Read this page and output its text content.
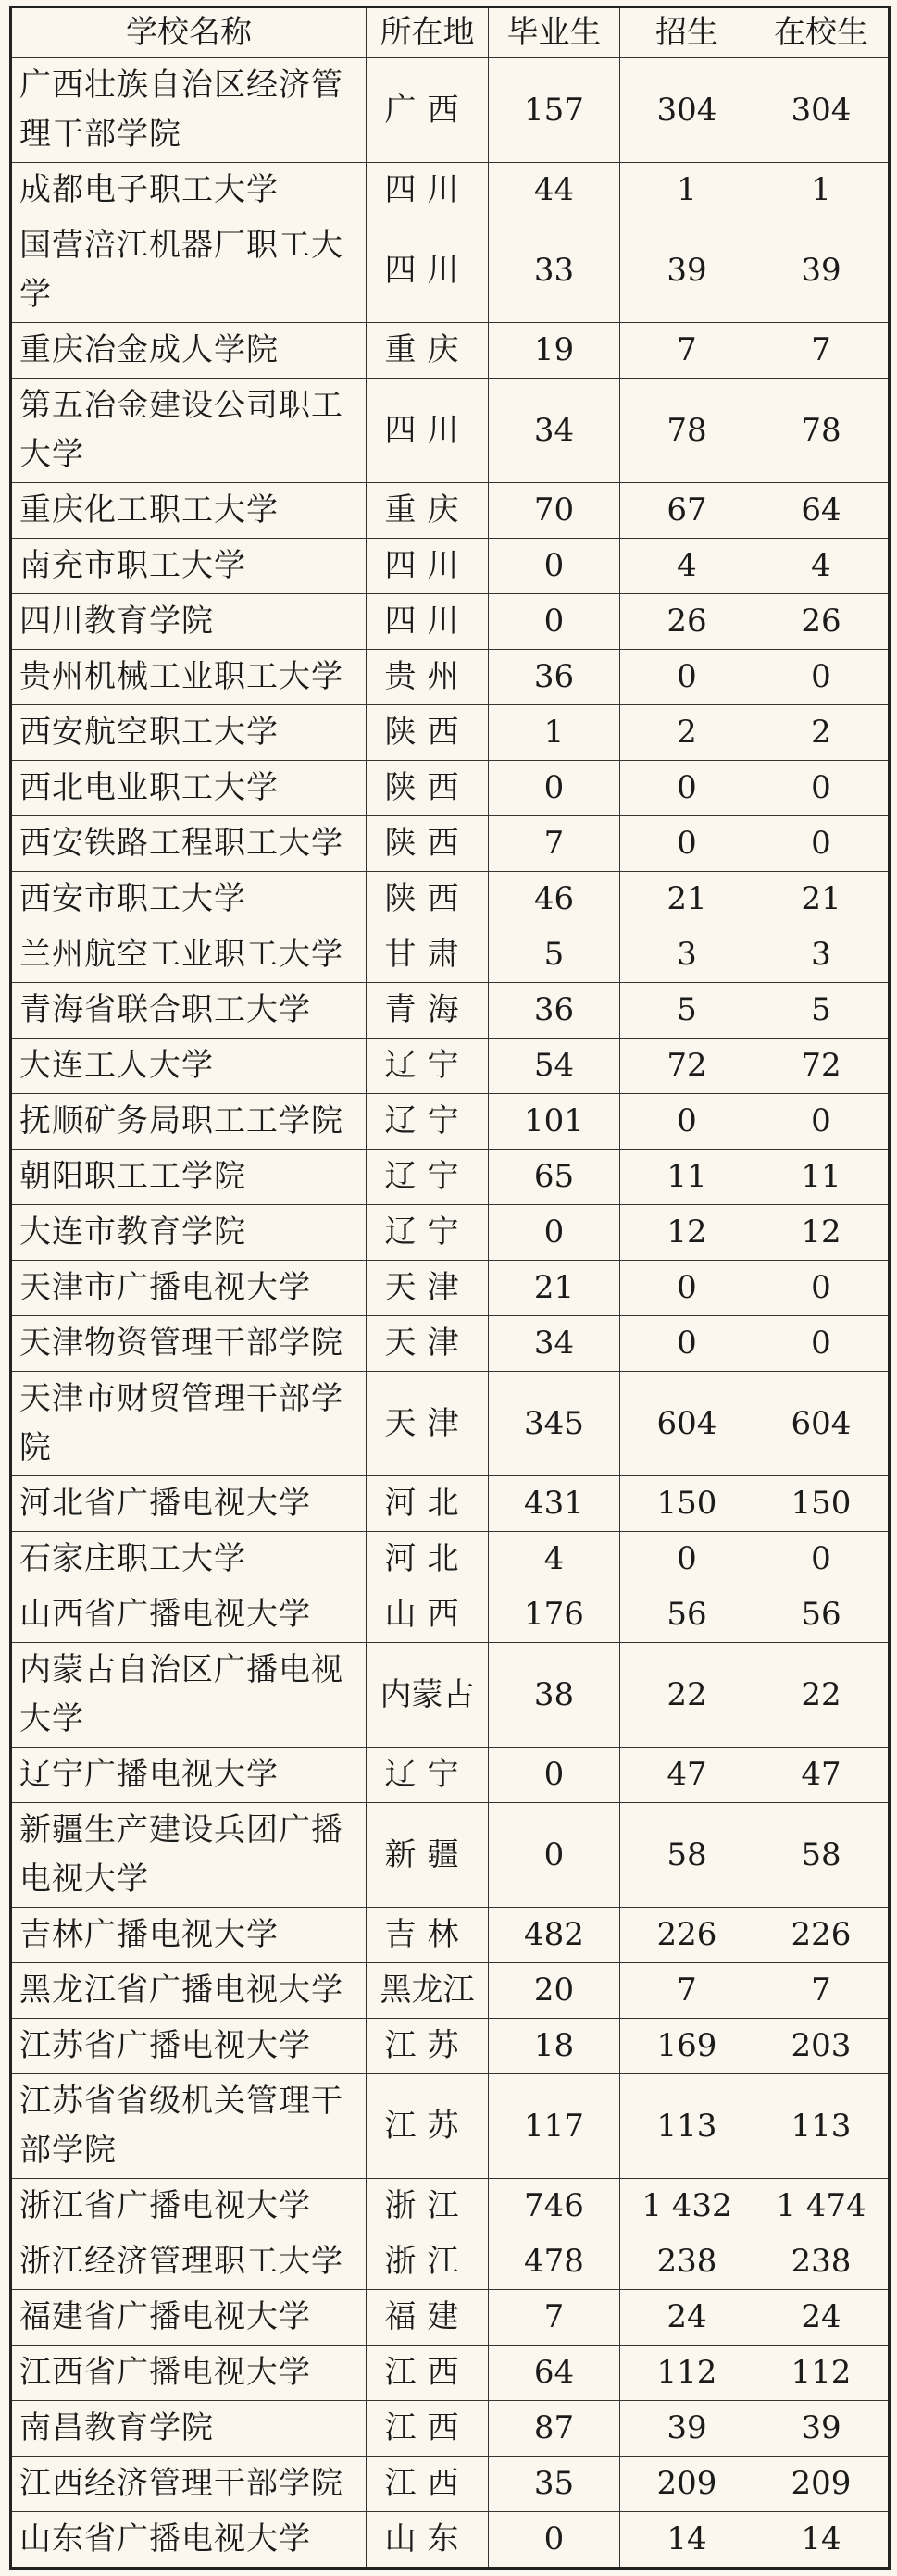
学校名称	所在地	毕业生	招生	在校生
广西壮族自治区经济管理干部学院	广西	157	304	304
成都电子职工大学	四川	44	1	1
国营涪江机器厂职工大学	四川	33	39	39
重庆冶金成人学院	重庆	19	7	7
第五冶金建设公司职工大学	四川	34	78	78
重庆化工职工大学	重庆	70	67	64
南充市职工大学	四川	0	4	4
四川教育学院	四川	0	26	26
贵州机械工业职工大学	贵州	36	0	0
西安航空职工大学	陕西	1	2	2
西北电业职工大学	陕西	0	0	0
西安铁路工程职工大学	陕西	7	0	0
西安市职工大学	陕西	46	21	21
兰州航空工业职工大学	甘肃	5	3	3
青海省联合职工大学	青海	36	5	5
大连工人大学	辽宁	54	72	72
抚顺矿务局职工工学院	辽宁	101	0	0
朝阳职工工学院	辽宁	65	11	11
大连市教育学院	辽宁	0	12	12
天津市广播电视大学	天津	21	0	0
天津物资管理干部学院	天津	34	0	0
天津市财贸管理干部学院	天津	345	604	604
河北省广播电视大学	河北	431	150	150
石家庄职工大学	河北	4	0	0
山西省广播电视大学	山西	176	56	56
内蒙古自治区广播电视大学	内蒙古	38	22	22
辽宁广播电视大学	辽宁	0	47	47
新疆生产建设兵团广播电视大学	新疆	0	58	58
吉林广播电视大学	吉林	482	226	226
黑龙江省广播电视大学	黑龙江	20	7	7
江苏省广播电视大学	江苏	18	169	203
江苏省省级机关管理干部学院	江苏	117	113	113
浙江省广播电视大学	浙江	746	1 432	1 474
浙江经济管理职工大学	浙江	478	238	238
福建省广播电视大学	福建	7	24	24
江西省广播电视大学	江西	64	112	112
南昌教育学院	江西	87	39	39
江西经济管理干部学院	江西	35	209	209
山东省广播电视大学	山东	0	14	14
